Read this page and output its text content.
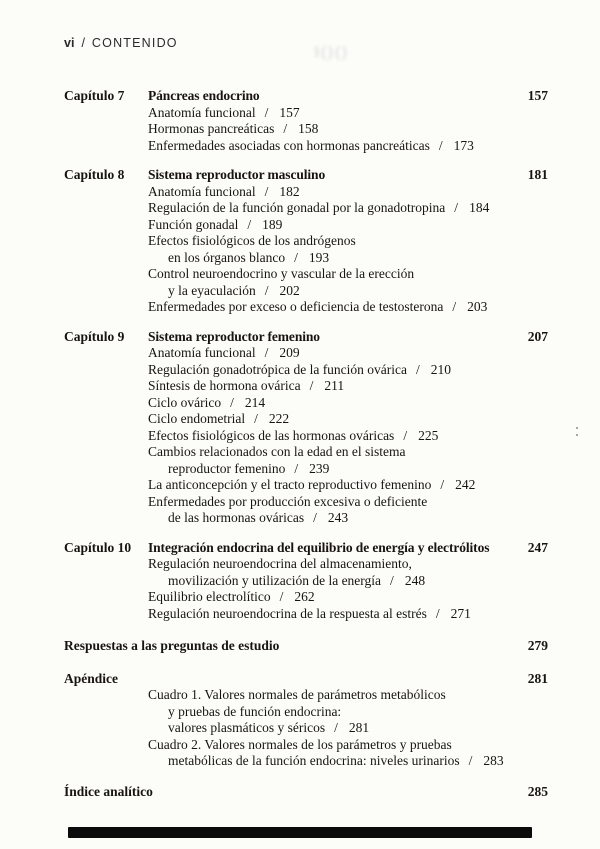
vi / CONTENIDO
()()ℓ
Capítulo 7	Páncreas endocrino	157
Anatomía funcional / 157
Hormonas pancreáticas / 158
Enfermedades asociadas con hormonas pancreáticas / 173
Capítulo 8	Sistema reproductor masculino	181
Anatomía funcional / 182
Regulación de la función gonadal por la gonadotropina / 184
Función gonadal / 189
Efectos fisiológicos de los andrógenos
en los órganos blanco / 193
Control neuroendocrino y vascular de la erección
y la eyaculación / 202
Enfermedades por exceso o deficiencia de testosterona / 203
Capítulo 9	Sistema reproductor femenino	207
Anatomía funcional / 209
Regulación gonadotrópica de la función ovárica / 210
Síntesis de hormona ovárica / 211
Ciclo ovárico / 214
Ciclo endometrial / 222
Efectos fisiológicos de las hormonas ováricas / 225
Cambios relacionados con la edad en el sistema
reproductor femenino / 239
La anticoncepción y el tracto reproductivo femenino / 242
Enfermedades por producción excesiva o deficiente
de las hormonas ováricas / 243
Capítulo 10	Integración endocrina del equilibrio de energía y electrólitos	247
Regulación neuroendocrina del almacenamiento,
movilización y utilización de la energía / 248
Equilibrio electrolítico / 262
Regulación neuroendocrina de la respuesta al estrés / 271
Respuestas a las preguntas de estudio	279
Apéndice	281
Cuadro 1. Valores normales de parámetros metabólicos
y pruebas de función endocrina:
valores plasmáticos y séricos / 281
Cuadro 2. Valores normales de los parámetros y pruebas
metabólicas de la función endocrina: niveles urinarios / 283
Índice analítico	285
